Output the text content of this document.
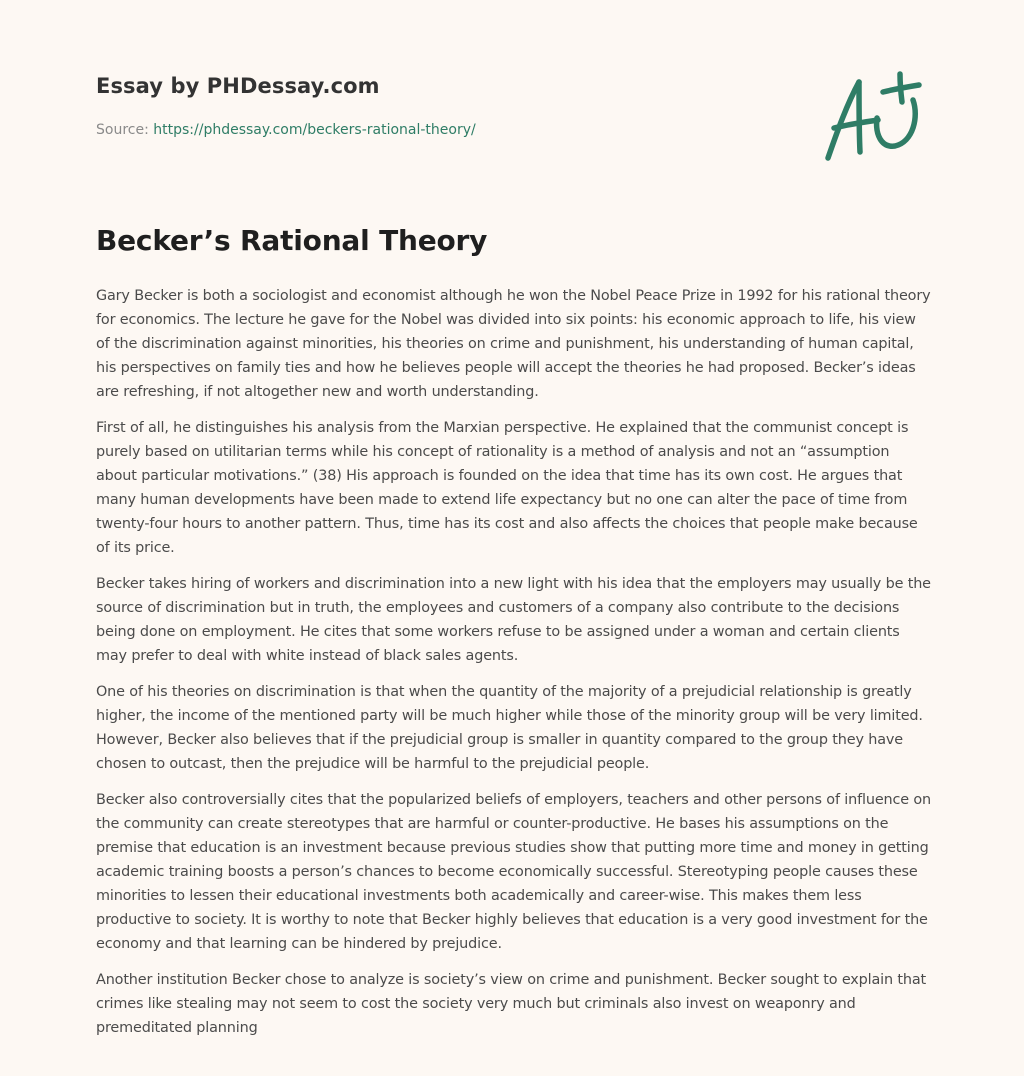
Essay by PHDessay.com
Source: https://phdessay.com/beckers-rational-theory/
Becker’s Rational Theory

Gary Becker is both a sociologist and economist although he won the Nobel Peace Prize in 1992 for his rational theory for economics. The lecture he gave for the Nobel was divided into six points: his economic approach to life, his view of the discrimination against minorities, his theories on crime and punishment, his understanding of human capital, his perspectives on family ties and how he believes people will accept the theories he had proposed. Becker’s ideas are refreshing, if not altogether new and worth understanding.

First of all, he distinguishes his analysis from the Marxian perspective. He explained that the communist concept is purely based on utilitarian terms while his concept of rationality is a method of analysis and not an “assumption about particular motivations.” (38) His approach is founded on the idea that time has its own cost. He argues that many human developments have been made to extend life expectancy but no one can alter the pace of time from twenty-four hours to another pattern. Thus, time has its cost and also affects the choices that people make because of its price.

Becker takes hiring of workers and discrimination into a new light with his idea that the employers may usually be the source of discrimination but in truth, the employees and customers of a company also contribute to the decisions being done on employment. He cites that some workers refuse to be assigned under a woman and certain clients may prefer to deal with white instead of black sales agents.

One of his theories on discrimination is that when the quantity of the majority of a prejudicial relationship is greatly higher, the income of the mentioned party will be much higher while those of the minority group will be very limited. However, Becker also believes that if the prejudicial group is smaller in quantity compared to the group they have chosen to outcast, then the prejudice will be harmful to the prejudicial people.

Becker also controversially cites that the popularized beliefs of employers, teachers and other persons of influence on the community can create stereotypes that are harmful or counter-productive. He bases his assumptions on the premise that education is an investment because previous studies show that putting more time and money in getting academic training boosts a person’s chances to become economically successful. Stereotyping people causes these minorities to lessen their educational investments both academically and career-wise. This makes them less productive to society. It is worthy to note that Becker highly believes that education is a very good investment for the economy and that learning can be hindered by prejudice.

Another institution Becker chose to analyze is society’s view on crime and punishment. Becker sought to explain that crimes like stealing may not seem to cost the society very much but criminals also invest on weaponry and premeditated planning
